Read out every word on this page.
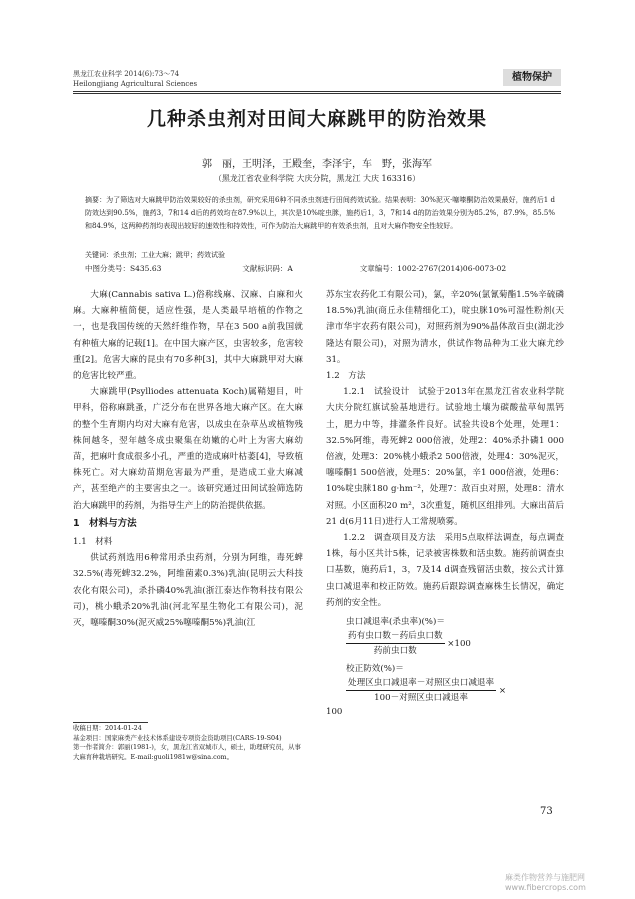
黑龙江农业科学 2014(6):73～74
Heilongjiang Agricultural Sciences
植物保护
几种杀虫剂对田间大麻跳甲的防治效果
郭　丽，王明泽，王殿奎，李泽宇，车　野，张海军
（黑龙江省农业科学院 大庆分院，黑龙江 大庆 163316）
摘要：为了筛选对大麻跳甲防治效果较好的杀虫剂，研究采用6种不同杀虫剂进行田间药效试验。结果表明：30%泥灭·噻嗪酮防治效果最好，施药后1 d防效达到90.5%，施药3，7和14 d后的药效均在87.9%以上，其次是10%啶虫脒，施药后1，3，7和14 d的防治效果分别为85.2%，87.9%，85.5%和84.9%，这两种药剂均表现出较好的速效性和持效性，可作为防治大麻跳甲的有效杀虫剂，且对大麻作物安全性较好。
关键词：杀虫剂；工业大麻；跳甲；药效试验
中图分类号：S435.63	文献标识码：A	文章编号：1002-2767(2014)06-0073-02

大麻(Cannabis sativa L.)俗称线麻、汉麻、白麻和火麻。大麻种植简便，适应性强，是人类最早培植的作物之一，也是我国传统的天然纤维作物，早在3 500 a前我国就有种植大麻的记载[1]。在中国大麻产区，虫害较多，危害较重[2]。危害大麻的昆虫有70多种[3]，其中大麻跳甲对大麻的危害比较严重。

大麻跳甲(Psylliodes attenuata Koch)属鞘翅目，叶甲科，俗称麻跳蚤，广泛分布在世界各地大麻产区。在大麻的整个生育期内均对大麻有危害，以成虫在杂草丛或植物残株间越冬，翌年越冬成虫聚集在幼嫩的心叶上为害大麻幼苗，把麻叶食成很多小孔，严重的造成麻叶枯萎[4]，导致植株死亡。对大麻幼苗期危害最为严重，是造成工业大麻减产，甚至绝产的主要害虫之一。该研究通过田间试验筛选防治大麻跳甲的药剂，为指导生产上的防治提供依据。

1　材料与方法
1.1　材料

供试药剂选用6种常用杀虫药剂，分别为阿维，毒死蜱32.5%(毒死蜱32.2%，阿维菌素0.3%)乳油(昆明云大科技农化有限公司)，杀扑磷40%乳油(浙江泰达作物科技有限公司)，桃小蛾杀20%乳油(河北军星生物化工有限公司)，泥灭，噻嗪酮30%(泥灭威25%噻嗪酮5%)乳油(江

苏东宝农药化工有限公司)，氯，辛20%(氯氰菊酯1.5%辛硫磷18.5%)乳油(商丘永佳精细化工)，啶虫脒10%可湿性粉剂(天津市华宇农药有限公司)，对照药剂为90%晶体敌百虫(湖北沙隆达有限公司)，对照为清水，供试作物品种为工业大麻尤纱31。

1.2　方法

1.2.1　试验设计　 试验于2013年在黑龙江省农业科学院大庆分院红旗试验基地进行。试验地土壤为碳酸盐草甸黑钙土，肥力中等，排灌条件良好。试验共设8个处理，处理1：32.5%阿维，毒死蜱2 000倍液，处理2：40%杀扑磷1 000倍液，处理3：20%桃小蛾杀2 500倍液，处理4：30%泥灭，噻嗪酮1 500倍液，处理5：20%氯，辛1 000倍液，处理6：10%啶虫脒180 g·hm⁻²，处理7：敌百虫对照，处理8：清水对照。小区面积20 m²，3次重复，随机区组排列。大麻出苗后21 d(6月11日)进行人工常规喷雾。

1.2.2　调查项目及方法　 采用5点取样法调查，每点调查1株，每小区共计5株，记录被害株数和活虫数。施药前调查虫口基数，施药后1，3，7及14 d调查残留活虫数，按公式计算虫口减退率和校正防效。施药后跟踪调查麻株生长情况，确定药剂的安全性。

虫口减退率(杀虫率)(%)＝
药有虫口数－药后虫口数
药前虫口数
×100
校正防效(%)＝
处理区虫口减退率－对照区虫口减退率
100－对照区虫口减退率
×
100
收稿日期：2014-01-24
基金项目：国家麻类产业技术体系建设专项资金资助项目(CARS-19-S04)
第一作者简介：郭丽(1981-)，女，黑龙江省双城市人，硕士，助理研究员，从事大麻育种栽培研究。E-mail:guoli1981w@sina.com。
73
麻类作物营养与施肥网 www.fibercrops.com
